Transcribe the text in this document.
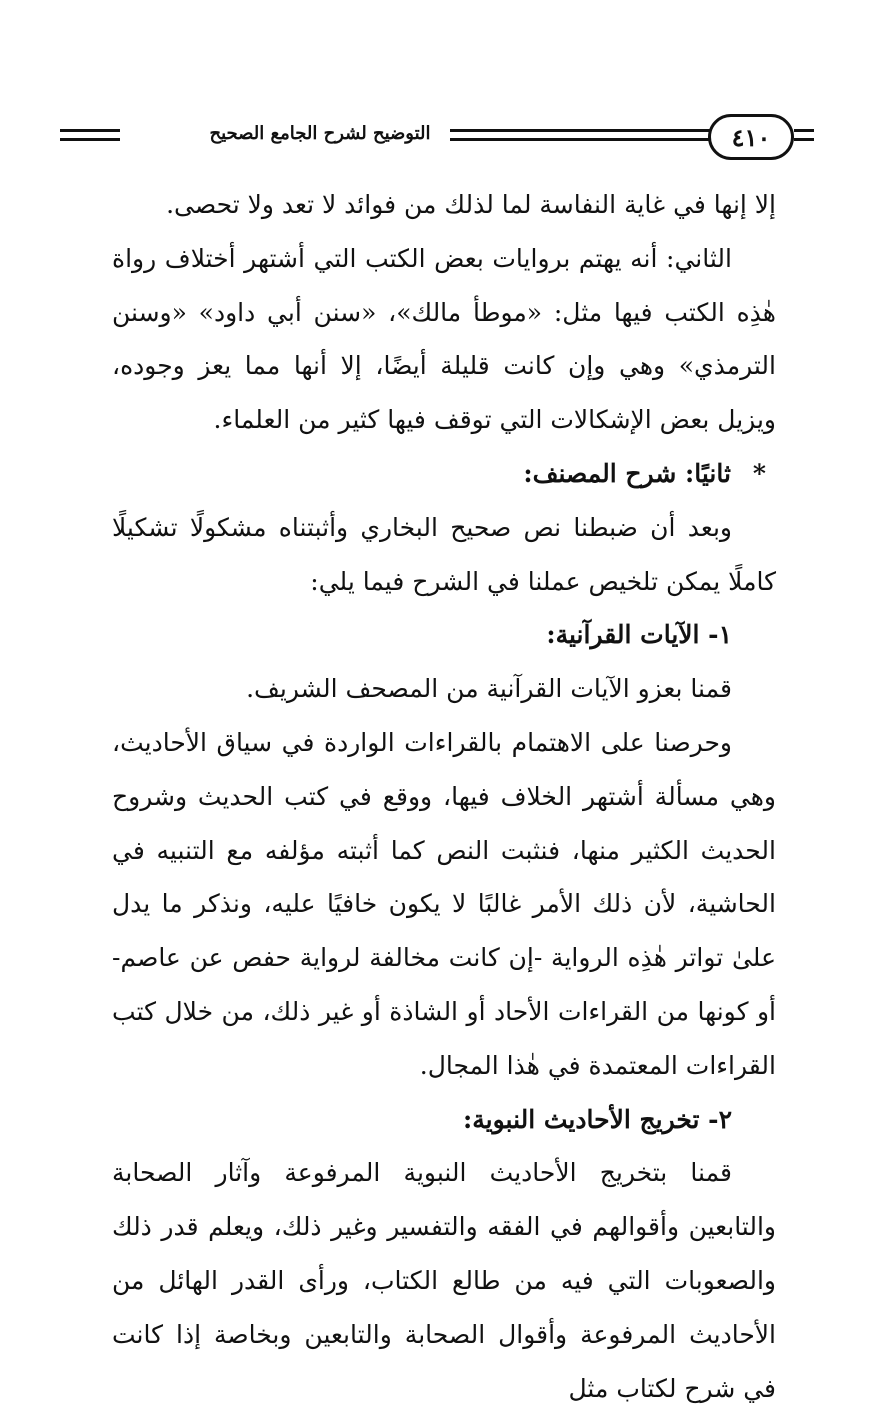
التوضيح لشرح الجامع الصحيح	٤١٠

إلا إنها في غاية النفاسة لما لذلك من فوائد لا تعد ولا تحصى.

الثاني: أنه يهتم بروايات بعض الكتب التي أشتهر أختلاف رواة هٰذِه الكتب فيها مثل: «موطأ مالك»، «سنن أبي داود» «وسنن الترمذي» وهي وإن كانت قليلة أيضًا، إلا أنها مما يعز وجوده، ويزيل بعض الإشكالات التي توقف فيها كثير من العلماء.

*ثانيًا: شرح المصنف:

وبعد أن ضبطنا نص صحيح البخاري وأثبتناه مشكولًا تشكيلًا كاملًا يمكن تلخيص عملنا في الشرح فيما يلي:

١- الآيات القرآنية:

قمنا بعزو الآيات القرآنية من المصحف الشريف.

وحرصنا على الاهتمام بالقراءات الواردة في سياق الأحاديث، وهي مسألة أشتهر الخلاف فيها، ووقع في كتب الحديث وشروح الحديث الكثير منها، فنثبت النص كما أثبته مؤلفه مع التنبيه في الحاشية، لأن ذلك الأمر غالبًا لا يكون خافيًا عليه، ونذكر ما يدل علىٰ تواتر هٰذِه الرواية -إن كانت مخالفة لرواية حفص عن عاصم- أو كونها من القراءات الأحاد أو الشاذة أو غير ذلك، من خلال كتب القراءات المعتمدة في هٰذا المجال.

٢- تخريج الأحاديث النبوية:

قمنا بتخريج الأحاديث النبوية المرفوعة وآثار الصحابة والتابعين وأقوالهم في الفقه والتفسير وغير ذلك، ويعلم قدر ذلك والصعوبات التي فيه من طالع الكتاب، ورأى القدر الهائل من الأحاديث المرفوعة وأقوال الصحابة والتابعين وبخاصة إذا كانت في شرح لكتاب مثل
